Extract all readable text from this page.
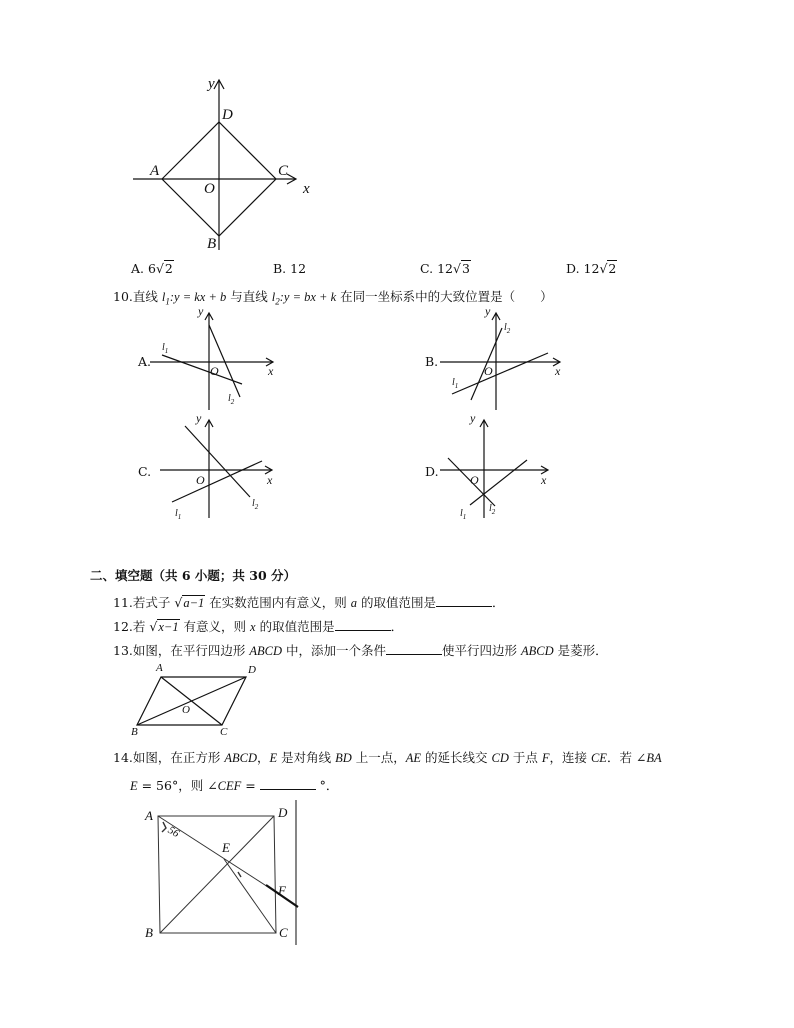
y
x
D
A	C
O
B
A. 6√2	B. 12	C. 12√3	D. 12√2
10.直线 $l_1:y$ = kx + b 与直线 $l_2:y$ = bx + k 在同一坐标系中的大致位置是（　　）
A.
y
x
O
$l_1$
$l_2$
B.
y
x
O
$l_1$
$l_2$
C.
y
x
O
$l_1$
$l_2$
D.
y
x
O
$l_1$
$l_2$
二、填空题（共 6 小题；共 30 分）
11.若式子 √a−1 在实数范围内有意义，则 a 的取值范围是	．
12.若 √x−1 有意义，则 x 的取值范围是	．
13.如图，在平行四边形 ABCD 中，添加一个条件	使平行四边形 ABCD 是菱形．
A	D
B	C
O
14.如图，在正方形 ABCD，E 是对角线 BD 上一点，AE 的延长线交 CD 于点 F，连接 CE．若 ∠BA
E = 56°，则 ∠CEF =	°．
A	D
B	C
E
F
56
